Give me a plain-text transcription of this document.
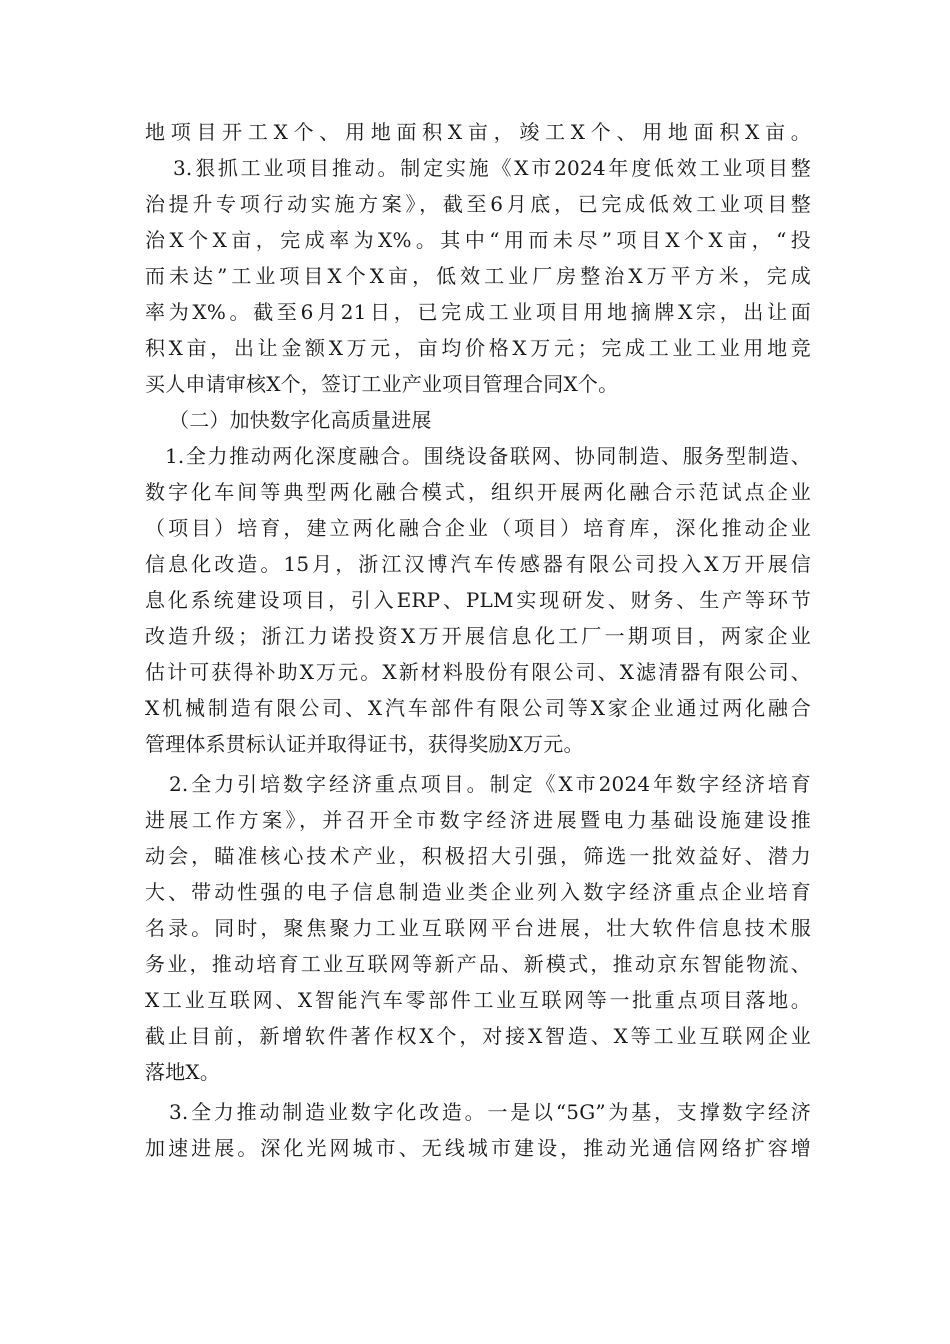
地项目开工X个、用地面积X亩，竣工X个、用地面积X亩。
3.狠抓工业项目推动。制定实施《X市2024年度低效工业项目整
治提升专项行动实施方案》，截至6月底，已完成低效工业项目整
治X个X亩，完成率为X%。其中“用而未尽”项目X个X亩，“投
而未达”工业项目X个X亩，低效工业厂房整治X万平方米，完成
率为X%。截至6月21日，已完成工业项目用地摘牌X宗，出让面
积X亩，出让金额X万元，亩均价格X万元；完成工业工业用地竞
买人申请审核X个，签订工业产业项目管理合同X个。
（二）加快数字化高质量进展
1.全力推动两化深度融合。围绕设备联网、协同制造、服务型制造、
数字化车间等典型两化融合模式，组织开展两化融合示范试点企业
（项目）培育，建立两化融合企业（项目）培育库，深化推动企业
信息化改造。15月，浙江汉博汽车传感器有限公司投入X万开展信
息化系统建设项目，引入ERP、PLM实现研发、财务、生产等环节
改造升级；浙江力诺投资X万开展信息化工厂一期项目，两家企业
估计可获得补助X万元。X新材料股份有限公司、X滤清器有限公司、
X机械制造有限公司、X汽车部件有限公司等X家企业通过两化融合
管理体系贯标认证并取得证书，获得奖励X万元。
2.全力引培数字经济重点项目。制定《X市2024年数字经济培育
进展工作方案》，并召开全市数字经济进展暨电力基础设施建设推
动会，瞄准核心技术产业，积极招大引强，筛选一批效益好、潜力
大、带动性强的电子信息制造业类企业列入数字经济重点企业培育
名录。同时，聚焦聚力工业互联网平台进展，壮大软件信息技术服
务业，推动培育工业互联网等新产品、新模式，推动京东智能物流、
X工业互联网、X智能汽车零部件工业互联网等一批重点项目落地。
截止目前，新增软件著作权X个，对接X智造、X等工业互联网企业
落地X。
3.全力推动制造业数字化改造。一是以“5G”为基，支撑数字经济
加速进展。深化光网城市、无线城市建设，推动光通信网络扩容增
